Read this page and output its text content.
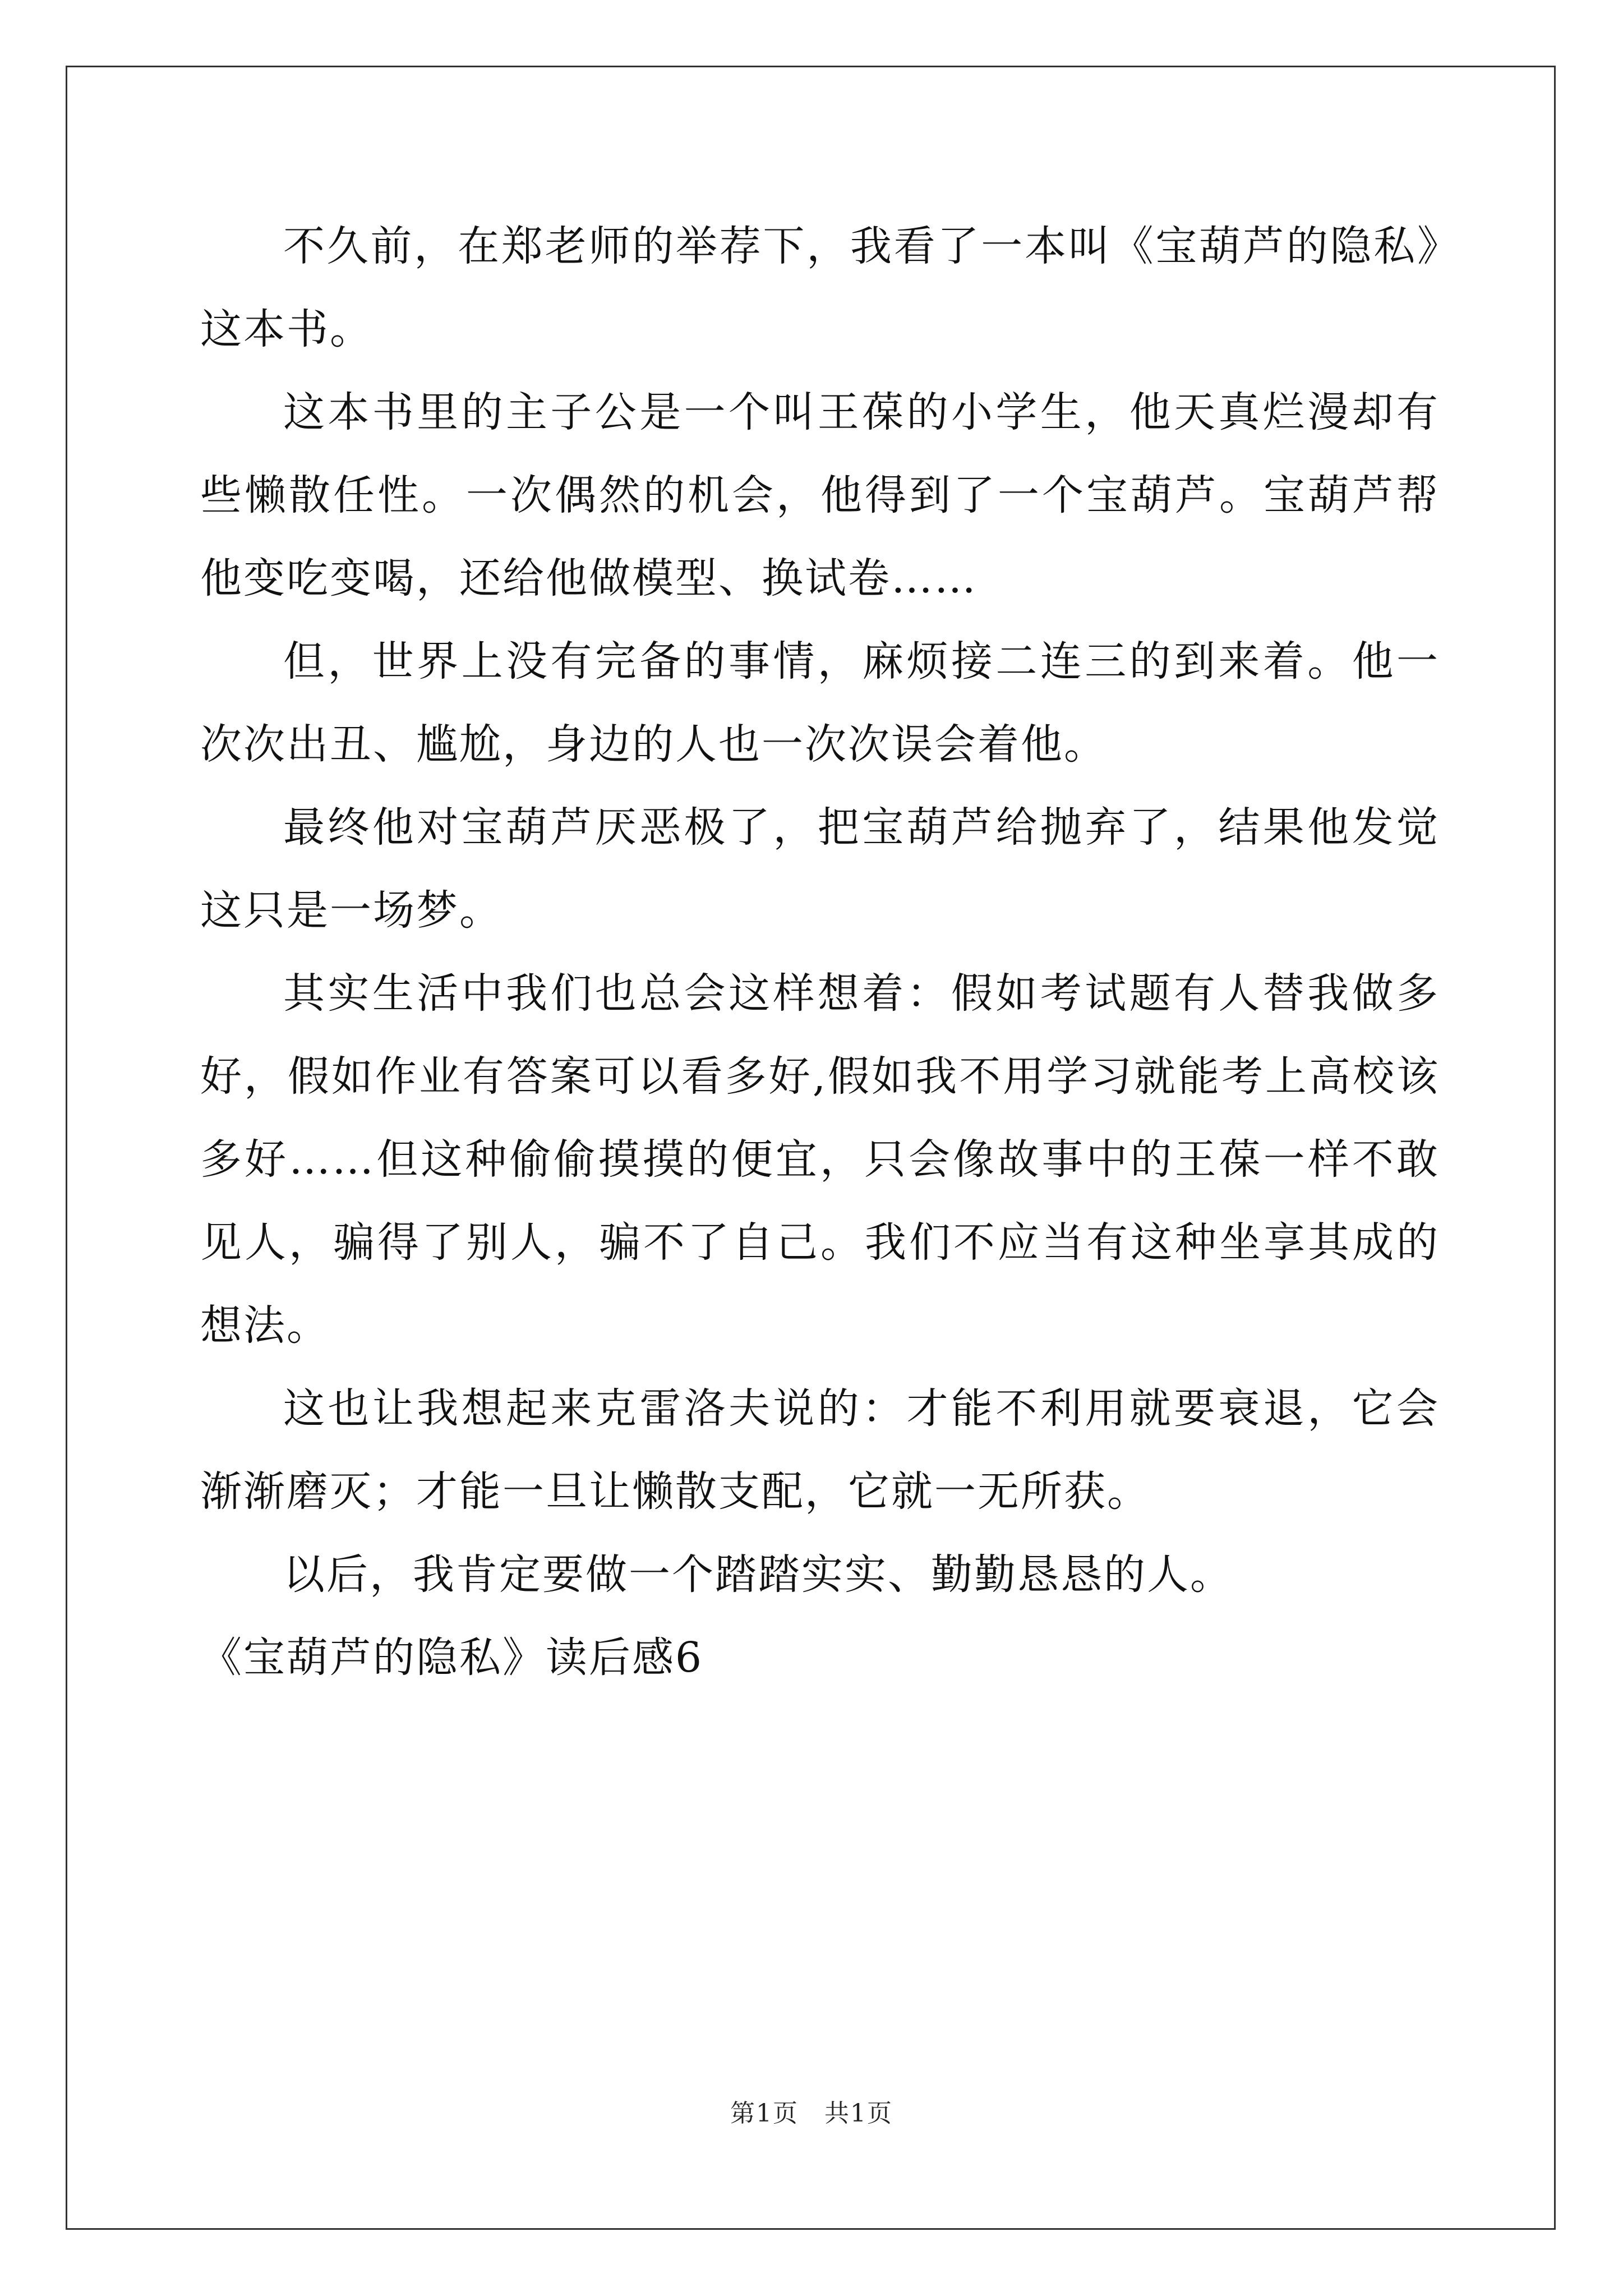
不久前，在郑老师的举荐下，我看了一本叫《宝葫芦的隐私》这本书。

这本书里的主子公是一个叫王葆的小学生，他天真烂漫却有些懒散任性。一次偶然的机会，他得到了一个宝葫芦。宝葫芦帮他变吃变喝，还给他做模型、换试卷……

但，世界上没有完备的事情，麻烦接二连三的到来着。他一次次出丑、尴尬，身边的人也一次次误会着他。

最终他对宝葫芦厌恶极了，把宝葫芦给抛弃了，结果他发觉这只是一场梦。

其实生活中我们也总会这样想着：假如考试题有人替我做多好，假如作业有答案可以看多好,假如我不用学习就能考上高校该多好……但这种偷偷摸摸的便宜，只会像故事中的王葆一样不敢见人，骗得了别人，骗不了自己。我们不应当有这种坐享其成的想法。

这也让我想起来克雷洛夫说的：才能不利用就要衰退，它会渐渐磨灭；才能一旦让懒散支配，它就一无所获。

以后，我肯定要做一个踏踏实实、勤勤恳恳的人。

《宝葫芦的隐私》读后感6

第1页 共1页
